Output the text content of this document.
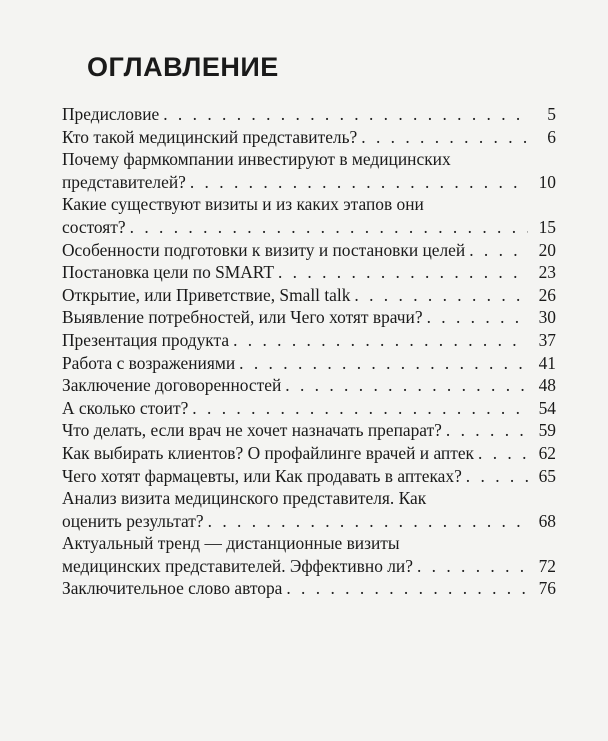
ОГЛАВЛЕНИЕ
Предисловие . . .	5
Кто такой медицинский представитель? . . .	6
Почему фармкомпании инвестируют в медицинских
представителей? . . .	10
Какие существуют визиты и из каких этапов они
состоят? . . .	15
Особенности подготовки к визиту и постановки целей . . .	20
Постановка цели по SMART . . .	23
Открытие, или Приветствие, Small talk . . .	26
Выявление потребностей, или Чего хотят врачи? . . .	30
Презентация продукта . . .	37
Работа с возражениями . . .	41
Заключение договоренностей . . .	48
А сколько стоит? . . .	54
Что делать, если врач не хочет назначать препарат? . . .	59
Как выбирать клиентов? О профайлинге врачей и аптек . . .	62
Чего хотят фармацевты, или Как продавать в аптеках? . . .	65
Анализ визита медицинского представителя. Как
оценить результат? . . .	68
Актуальный тренд — дистанционные визиты
медицинских представителей. Эффективно ли? . . .	72
Заключительное слово автора . . .	76
